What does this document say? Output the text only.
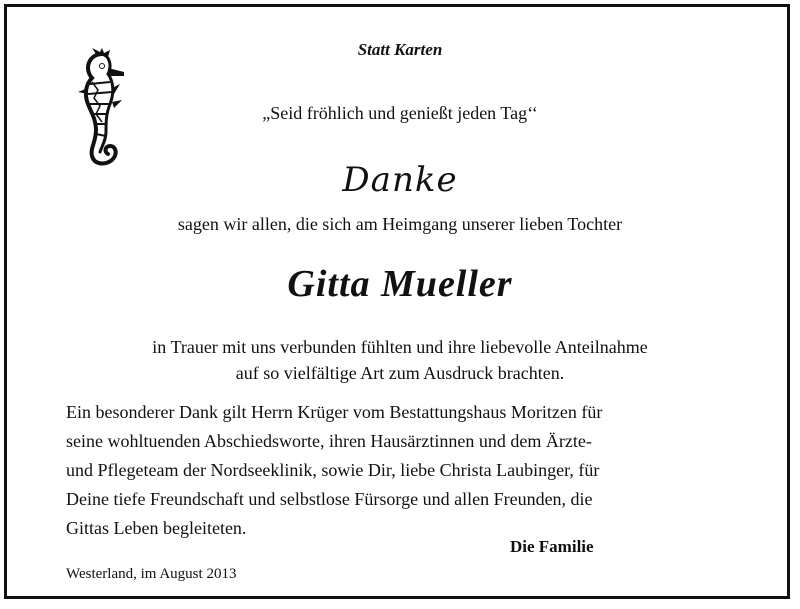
Statt Karten
„Seid fröhlich und genießt jeden Tag‘‘
Danke
sagen wir allen, die sich am Heimgang unserer lieben Tochter
Gitta Mueller
in Trauer mit uns verbunden fühlten und ihre liebevolle Anteilnahme
auf so vielfältige Art zum Ausdruck brachten.
Ein besonderer Dank gilt Herrn Krüger vom Bestattungshaus Moritzen für
seine wohltuenden Abschiedsworte, ihren Hausärztinnen und dem Ärzte-
und Pflegeteam der Nordseeklinik, sowie Dir, liebe Christa Laubinger, für
Deine tiefe Freundschaft und selbstlose Fürsorge und allen Freunden, die
Gittas Leben begleiteten.
Die Familie
Westerland, im August 2013
